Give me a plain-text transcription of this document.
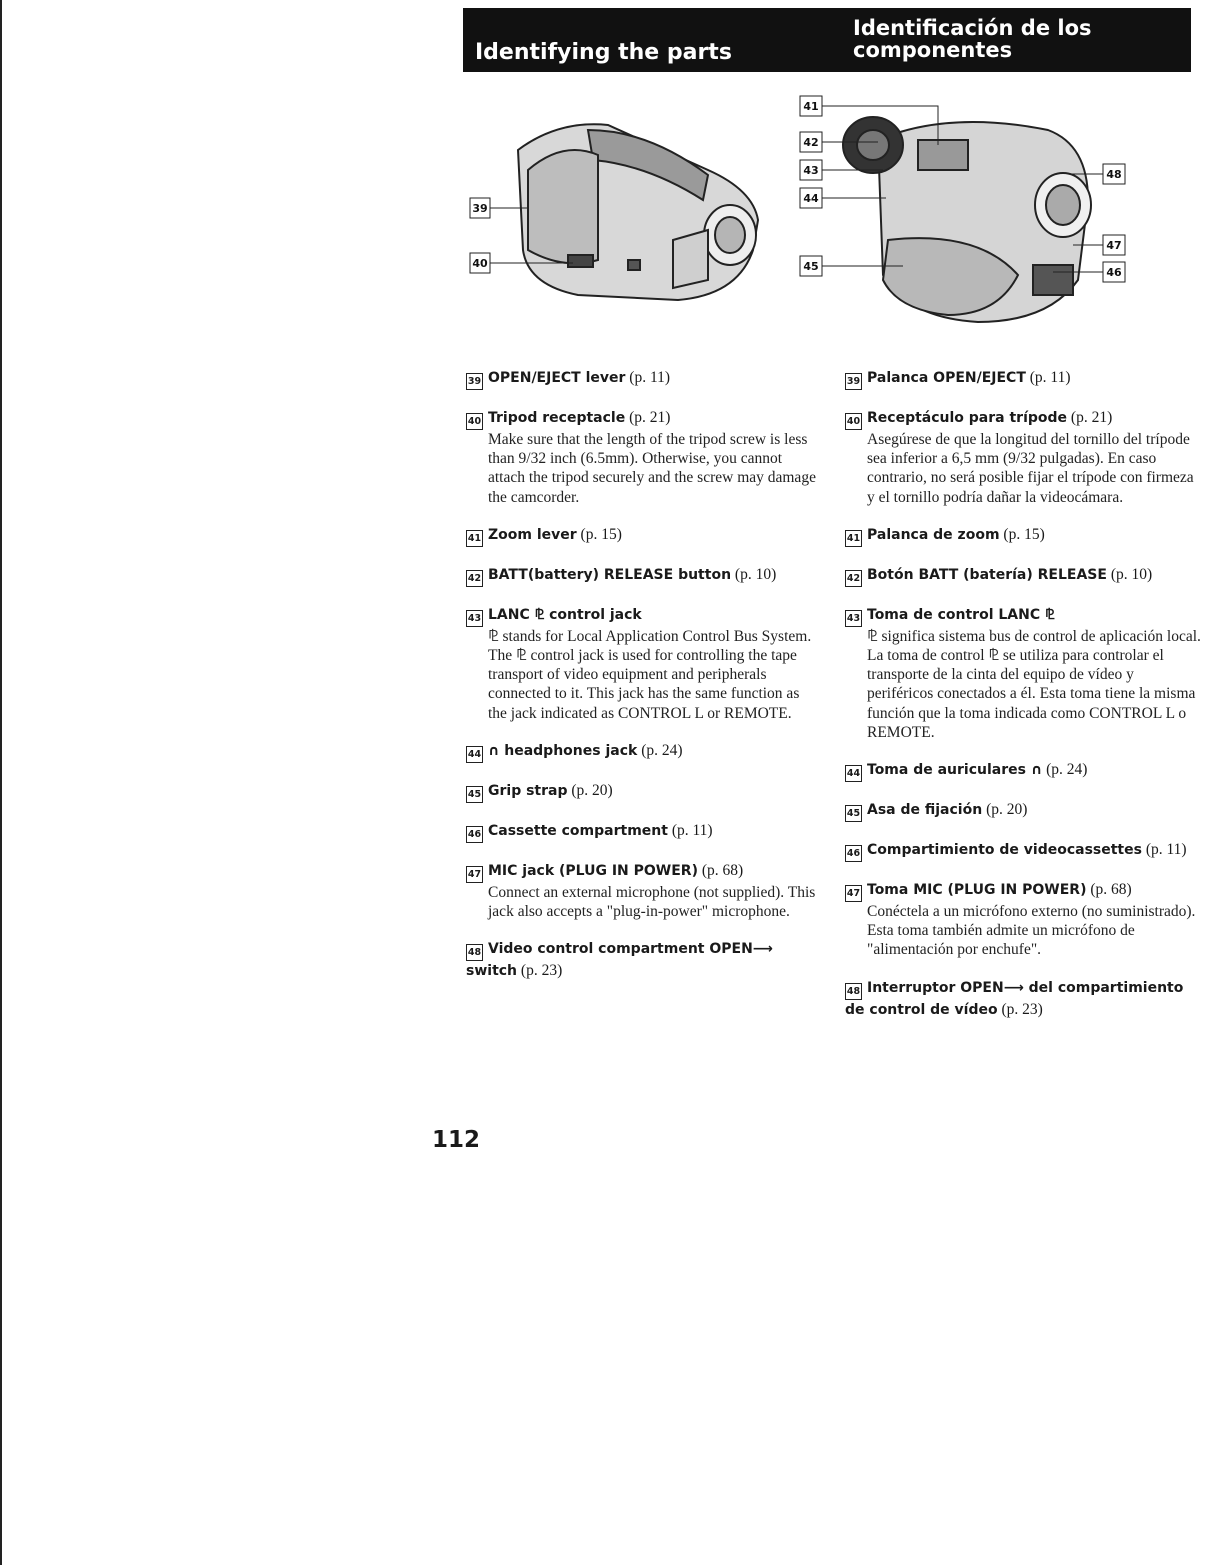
Identifying the parts
Identificación de los
componentes
39
40
41
42
43
44
45
48
47
46
39 OPEN/EJECT lever (p. 11)
40 Tripod receptacle (p. 21)
Make sure that the length of the tripod screw is less than 9/32 inch (6.5mm). Otherwise, you cannot attach the tripod securely and the screw may damage the camcorder.
41 Zoom lever (p. 15)
42 BATT(battery) RELEASE button (p. 10)
43 LANC ⅊ control jack
⅊ stands for Local Application Control Bus System. The ⅊ control jack is used for controlling the tape transport of video equipment and peripherals connected to it. This jack has the same function as the jack indicated as CONTROL L or REMOTE.
44 ∩ headphones jack (p. 24)
45 Grip strap (p. 20)
46 Cassette compartment (p. 11)
47 MIC jack (PLUG IN POWER) (p. 68)
Connect an external microphone (not supplied). This jack also accepts a "plug-in-power" microphone.
48 Video control compartment OPEN⟶ switch (p. 23)
39 Palanca OPEN/EJECT (p. 11)
40 Receptáculo para trípode (p. 21)
Asegúrese de que la longitud del tornillo del trípode sea inferior a 6,5 mm (9/32 pulgadas). En caso contrario, no será posible fijar el trípode con firmeza y el tornillo podría dañar la videocámara.
41 Palanca de zoom (p. 15)
42 Botón BATT (batería) RELEASE (p. 10)
43 Toma de control LANC ⅊
⅊ significa sistema bus de control de aplicación local. La toma de control ⅊ se utiliza para controlar el transporte de la cinta del equipo de vídeo y periféricos conectados a él. Esta toma tiene la misma función que la toma indicada como CONTROL L o REMOTE.
44 Toma de auriculares ∩ (p. 24)
45 Asa de fijación (p. 20)
46 Compartimiento de videocassettes (p. 11)
47 Toma MIC (PLUG IN POWER) (p. 68)
Conéctela a un micrófono externo (no suministrado). Esta toma también admite un micrófono de "alimentación por enchufe".
48 Interruptor OPEN⟶ del compartimiento de control de vídeo (p. 23)
112
